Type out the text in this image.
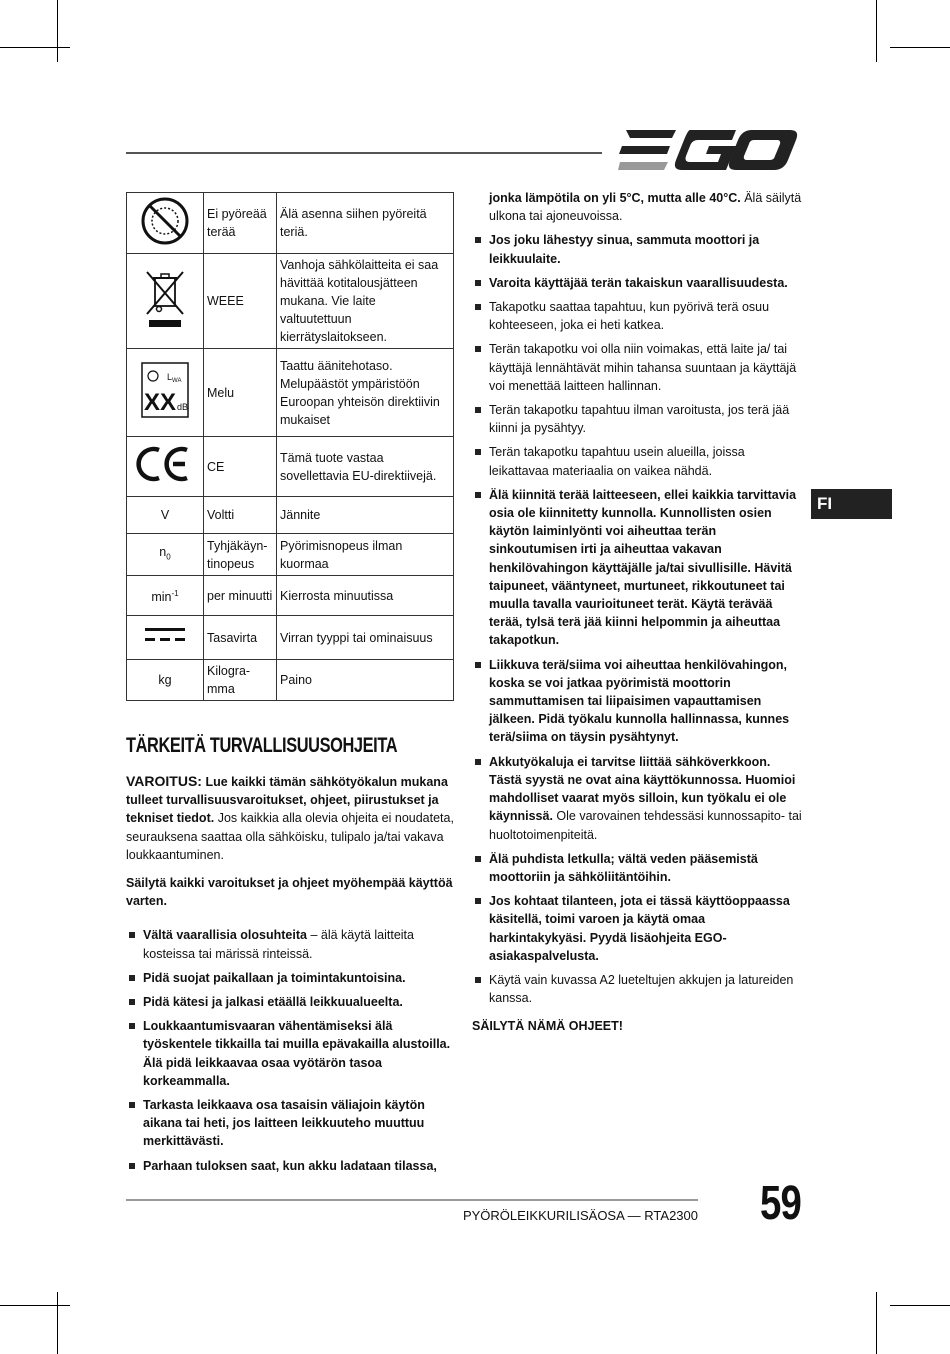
	Ei pyöreää terää	Älä asenna siihen pyöreitä teriä.
	WEEE	Vanhoja sähkölaitteita ei saa hävittää kotitalousjätteen mukana. Vie laite valtuutettuun kierrätyslaitokseen.

L WA
XX dB	Melu	Taattu äänitehotaso. Melupäästöt ympäristöön Euroopan yhteisön direktiivin mukaiset
	CE	Tämä tuote vastaa sovellettavia EU-direktiivejä.
V	Voltti	Jännite
$n_0$	Tyhjäkäyn-tinopeus	Pyörimisnopeus ilman kuormaa
$\min^{-1}$	per minuutti	Kierrosta minuutissa
	Tasavirta	Virran tyyppi tai ominaisuus
kg	Kilogra-mma	Paino
TÄRKEITÄ TURVALLISUUSOHJEITA

VAROITUS: Lue kaikki tämän sähkötyökalun mukana tulleet turvallisuusvaroitukset, ohjeet, piirustukset ja tekniset tiedot. Jos kaikkia alla olevia ohjeita ei noudateta, seurauksena saattaa olla sähköisku, tulipalo ja/tai vakava loukkaantuminen.

Säilytä kaikki varoitukset ja ohjeet myöhempää käyttöä varten.

Vältä vaarallisia olosuhteita – älä käytä laitteita kosteissa tai märissä rinteissä.
Pidä suojat paikallaan ja toimintakuntoisina.
Pidä kätesi ja jalkasi etäällä leikkuualueelta.
Loukkaantumisvaaran vähentämiseksi älä työskentele tikkailla tai muilla epävakailla alustoilla. Älä pidä leikkaavaa osaa vyötärön tasoa korkeammalla.
Tarkasta leikkaava osa tasaisin väliajoin käytön aikana tai heti, jos laitteen leikkuuteho muuttuu merkittävästi.
Parhaan tuloksen saat, kun akku ladataan tilassa,
jonka lämpötila on yli 5°C, mutta alle 40°C. Älä säilytä ulkona tai ajoneuvoissa.
Jos joku lähestyy sinua, sammuta moottori ja leikkuulaite.
Varoita käyttäjää terän takaiskun vaarallisuudesta.
Takapotku saattaa tapahtuu, kun pyörivä terä osuu kohteeseen, joka ei heti katkea.
Terän takapotku voi olla niin voimakas, että laite ja/ tai käyttäjä lennähtävät mihin tahansa suuntaan ja käyttäjä voi menettää laitteen hallinnan.
Terän takapotku tapahtuu ilman varoitusta, jos terä jää kiinni ja pysähtyy.
Terän takapotku tapahtuu usein alueilla, joissa leikattavaa materiaalia on vaikea nähdä.
Älä kiinnitä terää laitteeseen, ellei kaikkia tarvittavia osia ole kiinnitetty kunnolla. Kunnollisten osien käytön laiminlyönti voi aiheuttaa terän sinkoutumisen irti ja aiheuttaa vakavan henkilövahingon käyttäjälle ja/tai sivullisille. Hävitä taipuneet, vääntyneet, murtuneet, rikkoutuneet tai muulla tavalla vaurioituneet terät. Käytä terävää terää, tylsä terä jää kiinni helpommin ja aiheuttaa takapotkun.
Liikkuva terä/siima voi aiheuttaa henkilövahingon, koska se voi jatkaa pyörimistä moottorin sammuttamisen tai liipaisimen vapauttamisen jälkeen. Pidä työkalu kunnolla hallinnassa, kunnes terä/siima on täysin pysähtynyt.
Akkutyökaluja ei tarvitse liittää sähköverkkoon. Tästä syystä ne ovat aina käyttökunnossa. Huomioi mahdolliset vaarat myös silloin, kun työkalu ei ole käynnissä. Ole varovainen tehdessäsi kunnossapito- tai huoltotoimenpiteitä.
Älä puhdista letkulla; vältä veden pääsemistä moottoriin ja sähköliitäntöihin.
Jos kohtaat tilanteen, jota ei tässä käyttöoppaassa käsitellä, toimi varoen ja käytä omaa harkintakykyäsi. Pyydä lisäohjeita EGO-asiakaspalvelusta.
Käytä vain kuvassa A2 lueteltujen akkujen ja latureiden kanssa.

SÄILYTÄ NÄMÄ OHJEET!

FI
PYÖRÖLEIKKURILISÄOSA — RTA2300 59
